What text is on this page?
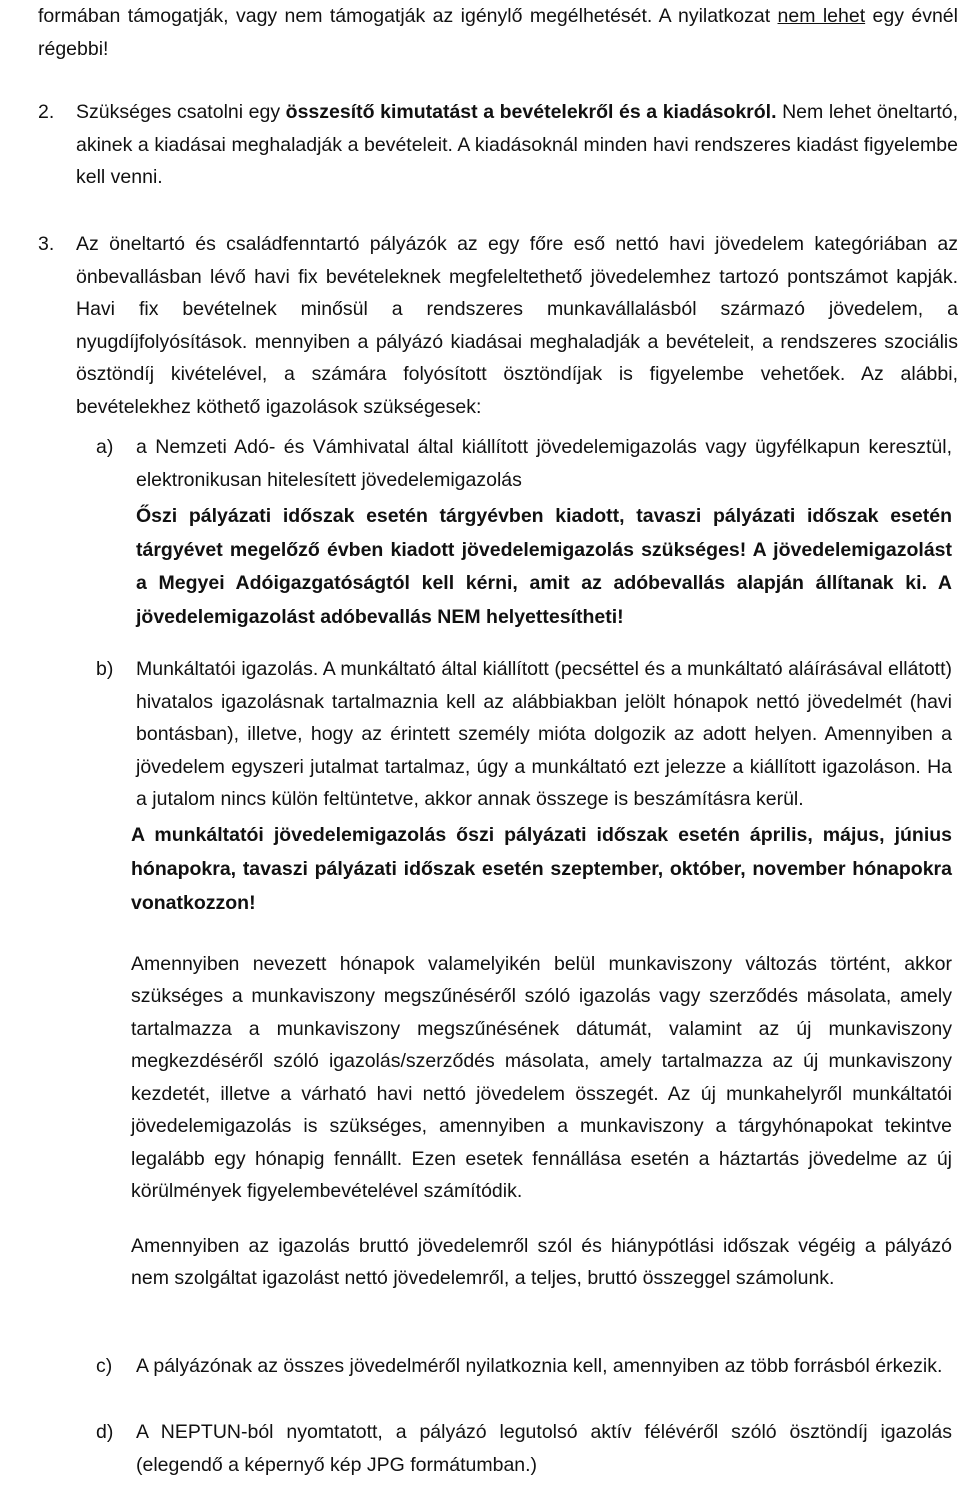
formában támogatják, vagy nem támogatják az igénylő megélhetését. A nyilatkozat nem lehet egy évnél régebbi!

2.	Szükséges csatolni egy összesítő kimutatást a bevételekről és a kiadásokról. Nem lehet öneltartó, akinek a kiadásai meghaladják a bevételeit. A kiadásoknál minden havi rendszeres kiadást figyelembe kell venni.

3.	Az öneltartó és családfenntartó pályázók az egy főre eső nettó havi jövedelem kategóriában az önbevallásban lévő havi fix bevételeknek megfeleltethető jövedelemhez tartozó pontszámot kapják. Havi fix bevételnek minősül a rendszeres munkavállalásból származó jövedelem, a nyugdíjfolyósítások. mennyiben a pályázó kiadásai meghaladják a bevételeit, a rendszeres szociális ösztöndíj kivételével, a számára folyósított ösztöndíjak is figyelembe vehetőek. Az alábbi, bevételekhez köthető igazolások szükségesek:

a)	a Nemzeti Adó- és Vámhivatal által kiállított jövedelemigazolás vagy ügyfélkapun keresztül, elektronikusan hitelesített jövedelemigazolás

Őszi pályázati időszak esetén tárgyévben kiadott, tavaszi pályázati időszak esetén tárgyévet megelőző évben kiadott jövedelemigazolás szükséges! A jövedelemigazolást a Megyei Adóigazgatóságtól kell kérni, amit az adóbevallás alapján állítanak ki. A jövedelemigazolást adóbevallás NEM helyettesítheti!

b)	Munkáltatói igazolás. A munkáltató által kiállított (pecséttel és a munkáltató aláírásával ellátott) hivatalos igazolásnak tartalmaznia kell az alábbiakban jelölt hónapok nettó jövedelmét (havi bontásban), illetve, hogy az érintett személy mióta dolgozik az adott helyen. Amennyiben a jövedelem egyszeri jutalmat tartalmaz, úgy a munkáltató ezt jelezze a kiállított igazoláson. Ha a jutalom nincs külön feltüntetve, akkor annak összege is beszámításra kerül.

A munkáltatói jövedelemigazolás őszi pályázati időszak esetén április, május, június hónapokra, tavaszi pályázati időszak esetén szeptember, október, november hónapokra vonatkozzon!

Amennyiben nevezett hónapok valamelyikén belül munkaviszony változás történt, akkor szükséges a munkaviszony megszűnéséről szóló igazolás vagy szerződés másolata, amely tartalmazza a munkaviszony megszűnésének dátumát, valamint az új munkaviszony megkezdéséről szóló igazolás/szerződés másolata, amely tartalmazza az új munkaviszony kezdetét, illetve a várható havi nettó jövedelem összegét. Az új munkahelyről munkáltatói jövedelemigazolás is szükséges, amennyiben a munkaviszony a tárgyhónapokat tekintve legalább egy hónapig fennállt. Ezen esetek fennállása esetén a háztartás jövedelme az új körülmények figyelembevételével számítódik.

Amennyiben az igazolás bruttó jövedelemről szól és hiánypótlási időszak végéig a pályázó nem szolgáltat igazolást nettó jövedelemről, a teljes, bruttó összeggel számolunk.

c)	A pályázónak az összes jövedelméről nyilatkoznia kell, amennyiben az több forrásból érkezik.

d)	A NEPTUN-ból nyomtatott, a pályázó legutolsó aktív félévéről szóló ösztöndíj igazolás (elegendő a képernyő kép JPG formátumban.)
